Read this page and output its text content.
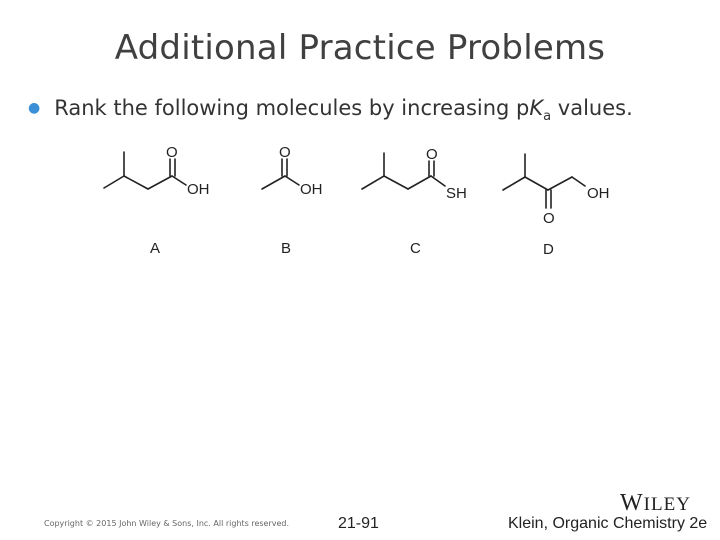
Additional Practice Problems
● Rank the following molecules by increasing $pK_a$ values.
O
OH
O
OH
O
SH
O
OH
A	B	C	D
Copyright © 2015 John Wiley & Sons, Inc. All rights reserved.	21-91
WILEY
Klein, Organic Chemistry 2e
